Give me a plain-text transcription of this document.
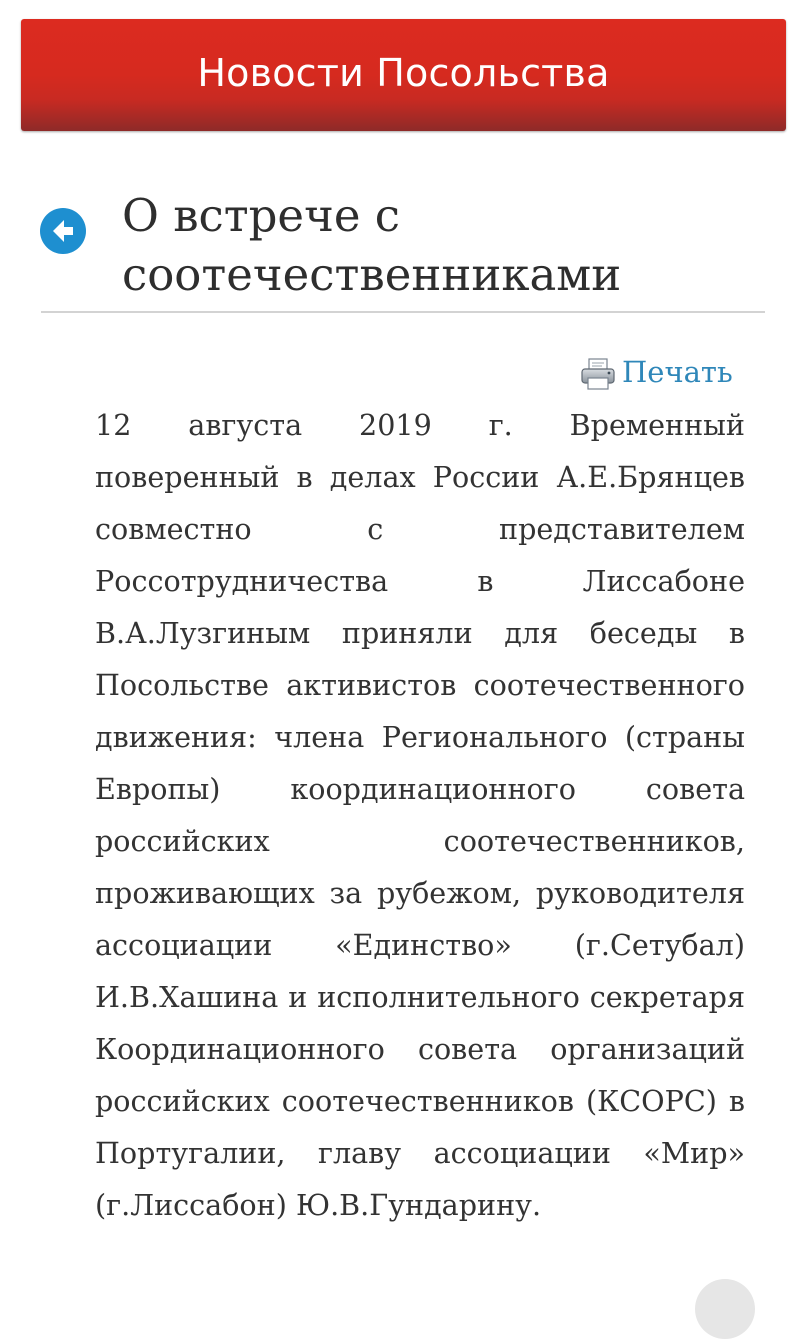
Новости Посольства
О встрече с соотечественниками
Печать

12 августа 2019 г. Временный поверенный в делах России А.Е.Брянцев совместно с представителем Россотрудничества в Лиссабоне В.А.Лузгиным приняли для беседы в Посольстве активистов соотечественного движения: члена Регионального (страны Европы) координационного совета российских соотечественников, проживающих за рубежом, руководителя ассоциации «Единство» (г.Сетубал) И.В.Хашина и исполнительного секретаря Координационного совета организаций российских соотечественников (КСОРС) в Португалии, главу ассоциации «Мир» (г.Лиссабон) Ю.В.Гундарину.
